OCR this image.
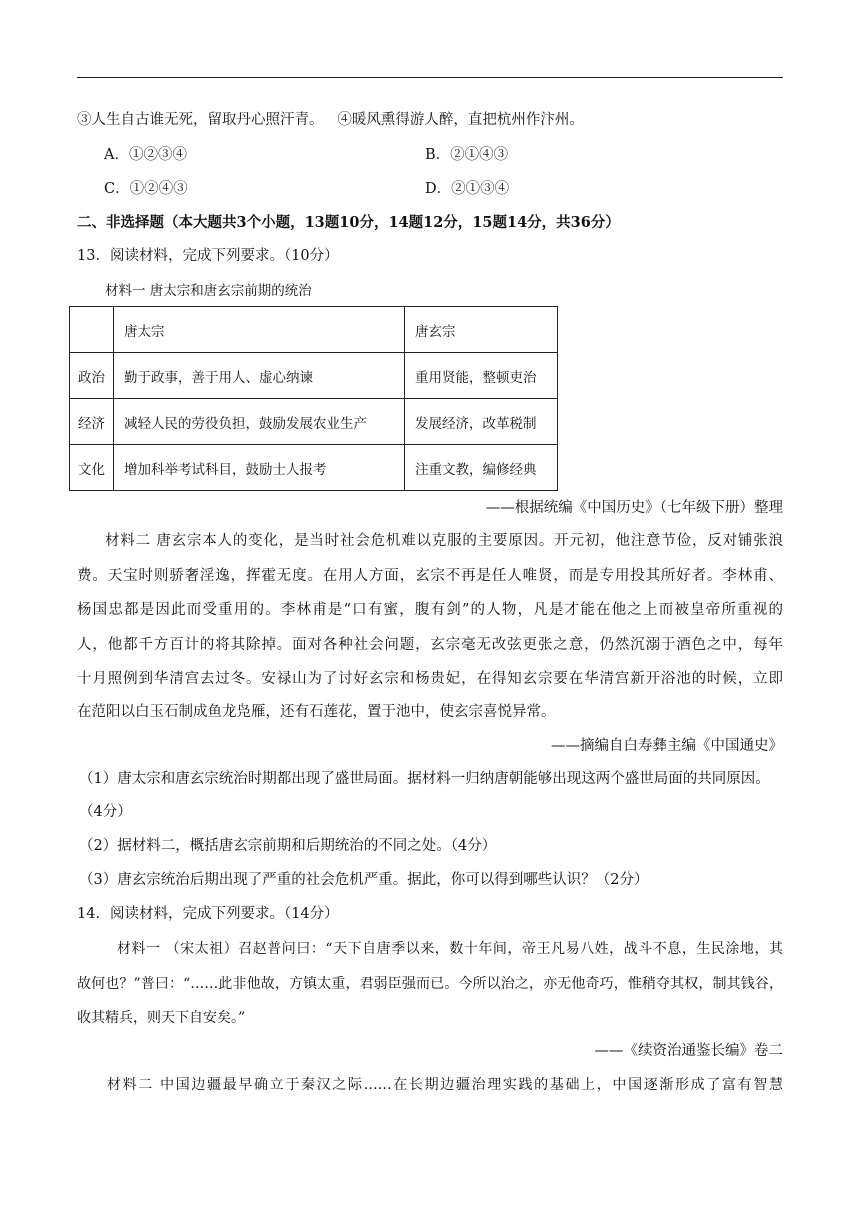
③人生自古谁无死，留取丹心照汗青。   ④暖风熏得游人醉，直把杭州作汴州。
A．①②③④	B．②①④③
C．①②④③	D．②①③④
二、非选择题（本大题共3个小题，13题10分，14题12分，15题14分，共36分）
13．阅读材料，完成下列要求。（10分）
材料一 唐太宗和唐玄宗前期的统治
	唐太宗	唐玄宗
政治	勤于政事，善于用人、虚心纳谏	重用贤能，整顿吏治
经济	减轻人民的劳役负担，鼓励发展农业生产	发展经济，改革税制
文化	增加科举考试科目，鼓励士人报考	注重文教，编修经典
——根据统编《中国历史》（七年级下册）整理
材料二 唐玄宗本人的变化，是当时社会危机难以克服的主要原因。开元初，他注意节俭，反对铺张浪
费。天宝时则骄奢淫逸，挥霍无度。在用人方面，玄宗不再是任人唯贤，而是专用投其所好者。李林甫、
杨国忠都是因此而受重用的。李林甫是“口有蜜，腹有剑”的人物，凡是才能在他之上而被皇帝所重视的
人，他都千方百计的将其除掉。面对各种社会问题，玄宗毫无改弦更张之意，仍然沉溺于酒色之中，每年
十月照例到华清宫去过冬。安禄山为了讨好玄宗和杨贵妃，在得知玄宗要在华清宫新开浴池的时候，立即
在范阳以白玉石制成鱼龙凫雁，还有石莲花，置于池中，使玄宗喜悦异常。
——摘编自白寿彝主编《中国通史》
（1）唐太宗和唐玄宗统治时期都出现了盛世局面。据材料一归纳唐朝能够出现这两个盛世局面的共同原因。
（4分）
（2）据材料二，概括唐玄宗前期和后期统治的不同之处。（4分）
（3）唐玄宗统治后期出现了严重的社会危机严重。据此，你可以得到哪些认识？（2分）
14．阅读材料，完成下列要求。（14分）
材料一 （宋太祖）召赵普问曰：“天下自唐季以来，数十年间，帝王凡易八姓，战斗不息，生民涂地，其
故何也？”普曰：“……此非他故，方镇太重，君弱臣强而已。今所以治之，亦无他奇巧，惟稍夺其权，制其钱谷，
收其精兵，则天下自安矣。”
——《续资治通鉴长编》卷二
材料二 中国边疆最早确立于秦汉之际……在长期边疆治理实践的基础上，中国逐渐形成了富有智慧
